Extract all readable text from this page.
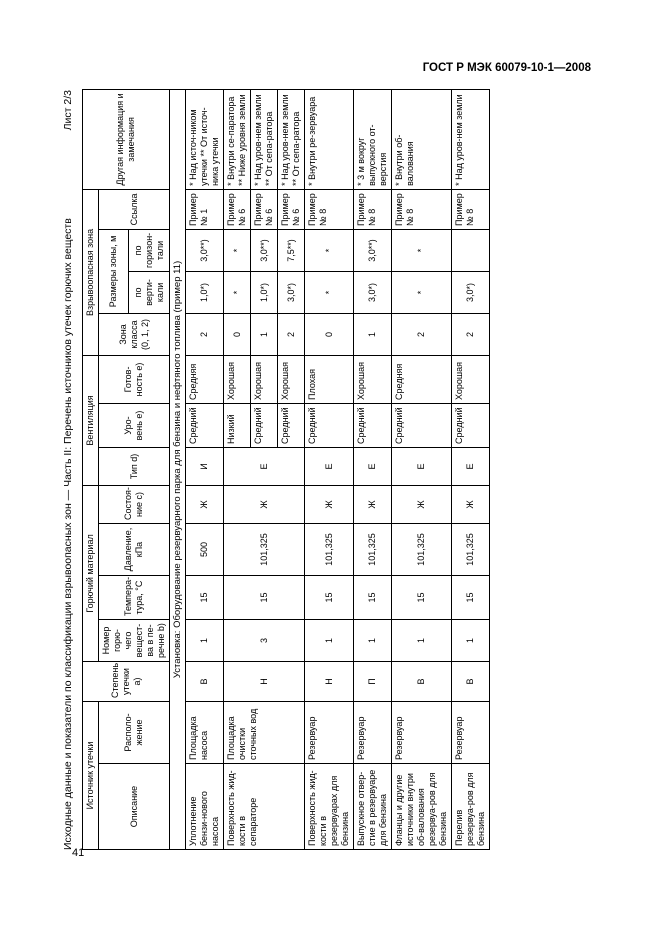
ГОСТ Р МЭК 60079-10-1—2008
Исходные данные и показатели по классификации взрывоопасных зон — Часть II: Перечень источников утечек горючих веществ
Лист 2/3
Источник утечки		Степень утечки a)	Горючий материал				Вентиляция			Взрывоопасная зона				Другая информация и замечания
Описание	Располо-жение		Номер горю-чего вещест-ва в пе-речне b)	Темпера-тура, °C	Давление, кПа	Состоя-ние c)	Тип d)	Уро-вень e)	Готов-ность e)	Зона класса (0, 1, 2)	Размеры зоны, м		Ссылка	
											по верти-кали	по горизон-тали		
Установка: Оборудование резервуарного парка для бензина и нефтяного топлива (пример 11)														
Уплотнение бензи-нового насоса	Площадка насоса	В	1	15	500	Ж	И	Средний	Средняя	2	1,0*)	3,0**)	Пример № 1	* Над источ-ником утечки ** От источ-ника утечки
Поверхность жид-кости в сепараторе	Площадка очистки сточных вод	Н	3	15	101,325	Ж	Е	Низкий	Хорошая	0	*	*	Пример № 6	* Внутри се-паратора ** Ниже уровня земли
								Средний	Хорошая	1	1,0*)	3,0**)	Пример № 6	* Над уров-нем земли ** От сепа-ратора
								Средний	Хорошая	2	3,0*)	7,5**)	Пример № 6	* Над уров-нем земли ** От сепа-ратора
Поверхность жид-кости в резервуарах для бензина	Резервуар	Н	1	15	101,325	Ж	Е	Средний	Плохая	0	*	*	Пример № 8	* Внутри ре-зервуара
Выпускное отвер-стие в резервуаре для бензина	Резервуар	П	1	15	101,325	Ж	Е	Средний	Хорошая	1	3,0*)	3,0**)	Пример № 8	* 3 м вокруг выпускного от-верстия
Фланцы и другие источники внутри об-валования резервуа-ров для бензина	Резервуар	В	1	15	101,325	Ж	Е	Средний	Средняя	2	*	*	Пример № 8	* Внутри об-валования
Перелив резервуа-ров для бензина	Резервуар	В	1	15	101,325	Ж	Е	Средний	Хорошая	2	3,0*)		Пример № 8	* Над уров-нем земли
41
